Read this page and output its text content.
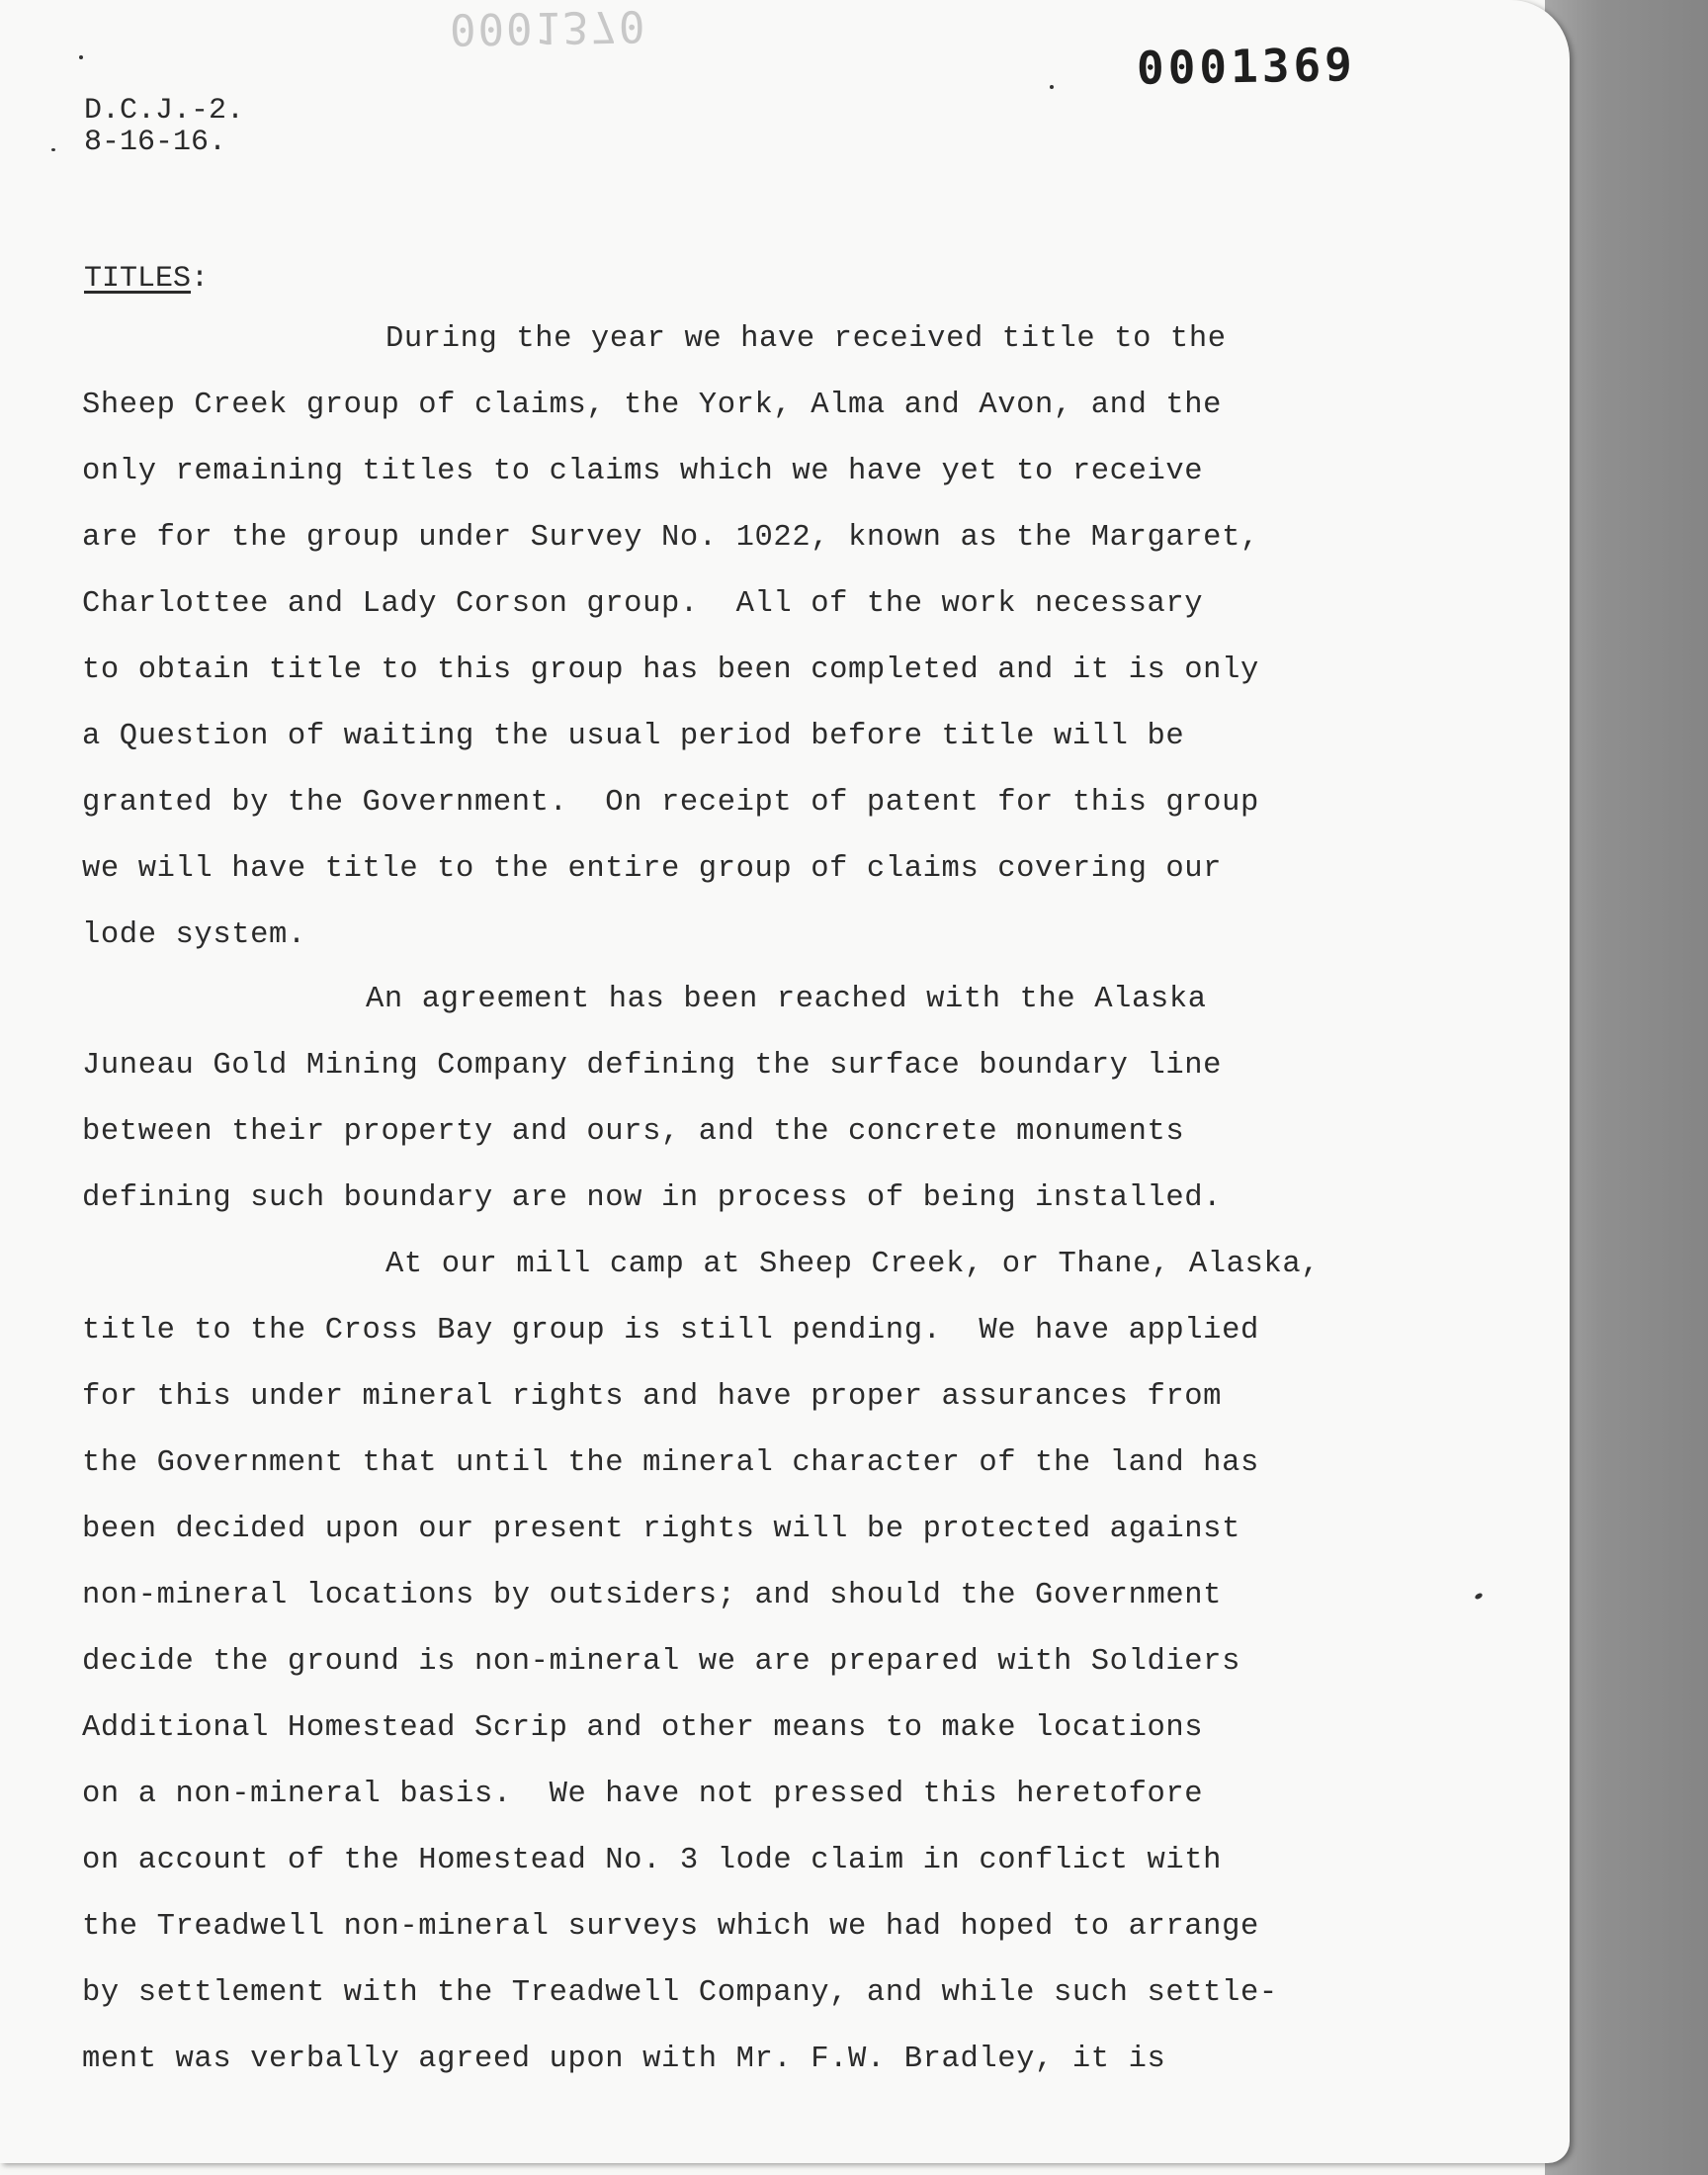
0001370
0001369
D.C.J.-2.
8-16-16.
TITLES:
During the year we have received title to the
Sheep Creek group of claims, the York, Alma and Avon, and the
only remaining titles to claims which we have yet to receive
are for the group under Survey No. 1022, known as the Margaret,
Charlottee and Lady Corson group.  All of the work necessary
to obtain title to this group has been completed and it is only
a Question of waiting the usual period before title will be
granted by the Government.  On receipt of patent for this group
we will have title to the entire group of claims covering our
lode system.
An agreement has been reached with the Alaska
Juneau Gold Mining Company defining the surface boundary line
between their property and ours, and the concrete monuments
defining such boundary are now in process of being installed.
At our mill camp at Sheep Creek, or Thane, Alaska,
title to the Cross Bay group is still pending.  We have applied
for this under mineral rights and have proper assurances from
the Government that until the mineral character of the land has
been decided upon our present rights will be protected against
non-mineral locations by outsiders; and should the Government
decide the ground is non-mineral we are prepared with Soldiers
Additional Homestead Scrip and other means to make locations
on a non-mineral basis.  We have not pressed this heretofore
on account of the Homestead No. 3 lode claim in conflict with
the Treadwell non-mineral surveys which we had hoped to arrange
by settlement with the Treadwell Company, and while such settle-
ment was verbally agreed upon with Mr. F.W. Bradley, it is
